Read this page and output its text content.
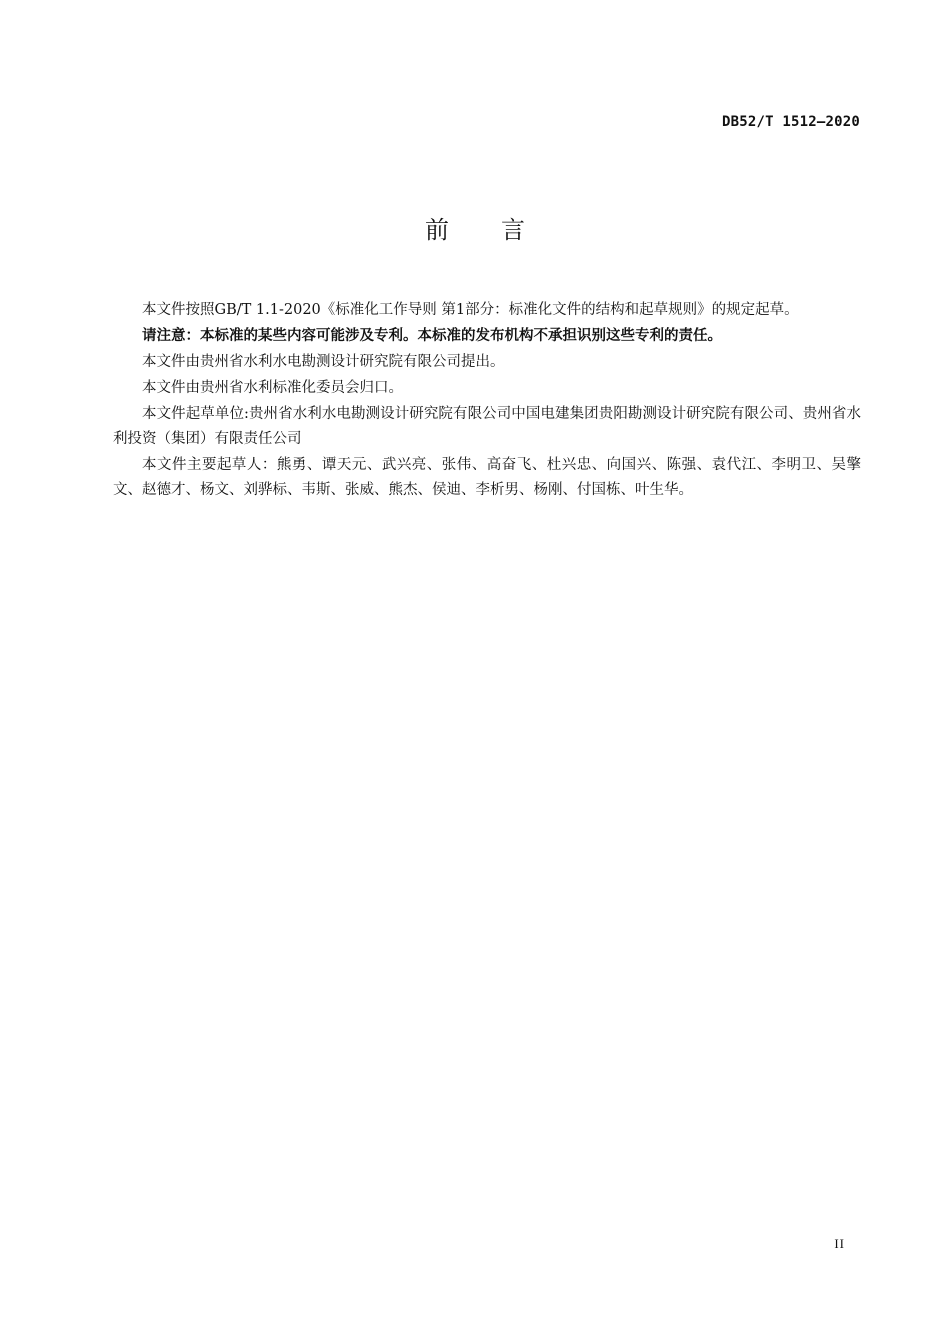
DB52/T 1512—2020
前言

本文件按照GB/T 1.1-2020《标准化工作导则 第1部分：标准化文件的结构和起草规则》的规定起草。

请注意：本标准的某些内容可能涉及专利。本标准的发布机构不承担识别这些专利的责任。

本文件由贵州省水利水电勘测设计研究院有限公司提出。

本文件由贵州省水利标准化委员会归口。

本文件起草单位:贵州省水利水电勘测设计研究院有限公司中国电建集团贵阳勘测设计研究院有限公司、贵州省水利投资（集团）有限责任公司

本文件主要起草人：熊勇、谭天元、武兴亮、张伟、高奋飞、杜兴忠、向国兴、陈强、袁代江、李明卫、吴擎文、赵德才、杨文、刘骅标、韦斯、张威、熊杰、侯迪、李析男、杨刚、付国栋、叶生华。

II
